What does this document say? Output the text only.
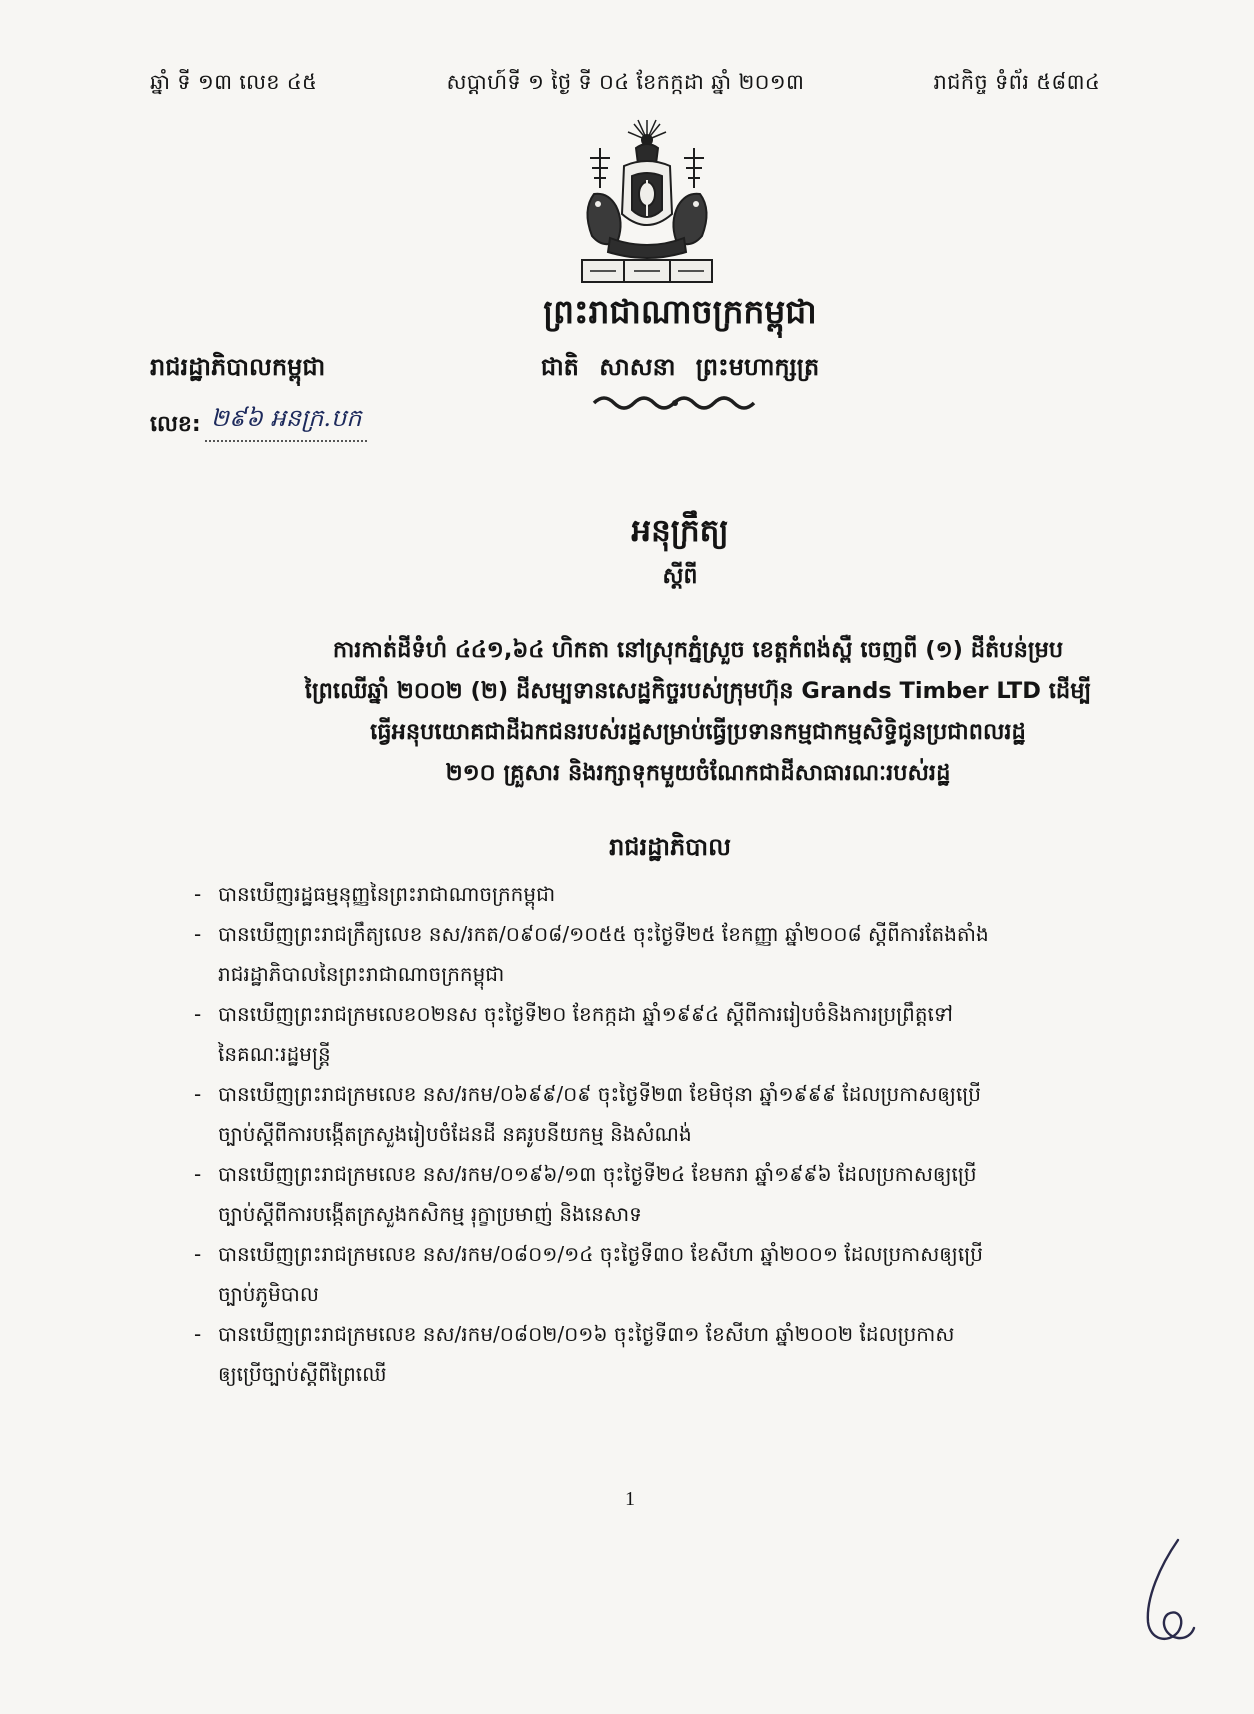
ឆ្នាំ ទី ១៣ លេខ ៤៥	សប្តាហ៍ទី ១ ថ្ងៃ ទី ០៤ ខែកក្កដា ឆ្នាំ ២០១៣	រាជកិច្ច ទំព័រ ៥៨៣៤
ព្រះរាជាណាចក្រកម្ពុជា
ជាតិ សាសនា ព្រះមហាក្សត្រ
រាជរដ្ឋាភិបាលកម្ពុជា
លេខ: ២៩៦ អនក្រ.បក
អនុក្រឹត្យ
ស្តីពី
ការកាត់ដីទំហំ ៤៤១,៦៤ ហិកតា នៅស្រុកភ្នំស្រួច ខេត្តកំពង់ស្ពឺ ចេញពី (១) ដីតំបន់ម្រប
ព្រៃឈើឆ្នាំ ២០០២ (២) ដីសម្បទានសេដ្ឋកិច្ចរបស់ក្រុមហ៊ុន Grands Timber LTD ដើម្បី
ធ្វើអនុបយោគជាដីឯកជនរបស់រដ្ឋសម្រាប់ធ្វើប្រទានកម្មជាកម្មសិទ្ធិជូនប្រជាពលរដ្ឋ
២១០ គ្រួសារ និងរក្សាទុកមួយចំណែកជាដីសាធារណៈរបស់រដ្ឋ
រាជរដ្ឋាភិបាល
- បានឃើញរដ្ឋធម្មនុញ្ញនៃព្រះរាជាណាចក្រកម្ពុជា
- បានឃើញព្រះរាជក្រឹត្យលេខ នស/រកត/០៩០៨/១០៥៥ ចុះថ្ងៃទី២៥ ខែកញ្ញា ឆ្នាំ២០០៨ ស្តីពីការតែងតាំង
រាជរដ្ឋាភិបាលនៃព្រះរាជាណាចក្រកម្ពុជា
- បានឃើញព្រះរាជក្រមលេខ០២នស ចុះថ្ងៃទី២០ ខែកក្កដា ឆ្នាំ១៩៩៤ ស្តីពីការរៀបចំនិងការប្រព្រឹត្តទៅ
នៃគណៈរដ្ឋមន្ត្រី
- បានឃើញព្រះរាជក្រមលេខ នស/រកម/០៦៩៩/០៩ ចុះថ្ងៃទី២៣ ខែមិថុនា ឆ្នាំ១៩៩៩ ដែលប្រកាសឲ្យប្រើ
ច្បាប់ស្តីពីការបង្កើតក្រសួងរៀបចំដែនដី នគរូបនីយកម្ម និងសំណង់
- បានឃើញព្រះរាជក្រមលេខ នស/រកម/០១៩៦/១៣ ចុះថ្ងៃទី២៤ ខែមករា ឆ្នាំ១៩៩៦ ដែលប្រកាសឲ្យប្រើ
ច្បាប់ស្តីពីការបង្កើតក្រសួងកសិកម្ម រុក្ខាប្រមាញ់ និងនេសាទ
- បានឃើញព្រះរាជក្រមលេខ នស/រកម/០៨០១/១៤ ចុះថ្ងៃទី៣០ ខែសីហា ឆ្នាំ២០០១ ដែលប្រកាសឲ្យប្រើ
ច្បាប់ភូមិបាល
- បានឃើញព្រះរាជក្រមលេខ នស/រកម/០៨០២/០១៦ ចុះថ្ងៃទី៣១ ខែសីហា ឆ្នាំ២០០២ ដែលប្រកាស
ឲ្យប្រើច្បាប់ស្តីពីព្រៃឈើ
1
